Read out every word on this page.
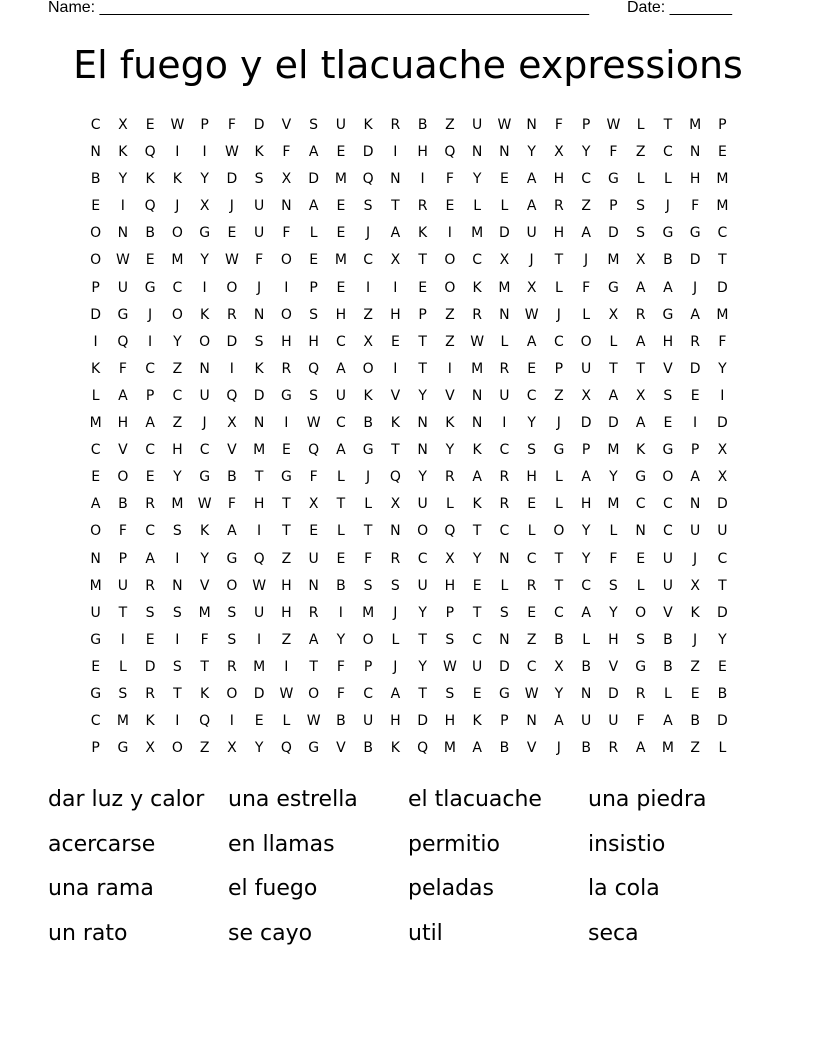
Name: _______________________________________________________

Date: _______

El fuego y el tlacuache expressions
C	X	E	W	P	F	D	V	S	U	K	R	B	Z	U	W	N	F	P	W	L	T	M	P
N	K	Q	I	I	W	K	F	A	E	D	I	H	Q	N	N	Y	X	Y	F	Z	C	N	E
B	Y	K	K	Y	D	S	X	D	M	Q	N	I	F	Y	E	A	H	C	G	L	L	H	M
E	I	Q	J	X	J	U	N	A	E	S	T	R	E	L	L	A	R	Z	P	S	J	F	M
O	N	B	O	G	E	U	F	L	E	J	A	K	I	M	D	U	H	A	D	S	G	G	C
O	W	E	M	Y	W	F	O	E	M	C	X	T	O	C	X	J	T	J	M	X	B	D	T
P	U	G	C	I	O	J	I	P	E	I	I	E	O	K	M	X	L	F	G	A	A	J	D
D	G	J	O	K	R	N	O	S	H	Z	H	P	Z	R	N	W	J	L	X	R	G	A	M
I	Q	I	Y	O	D	S	H	H	C	X	E	T	Z	W	L	A	C	O	L	A	H	R	F
K	F	C	Z	N	I	K	R	Q	A	O	I	T	I	M	R	E	P	U	T	T	V	D	Y
L	A	P	C	U	Q	D	G	S	U	K	V	Y	V	N	U	C	Z	X	A	X	S	E	I
M	H	A	Z	J	X	N	I	W	C	B	K	N	K	N	I	Y	J	D	D	A	E	I	D
C	V	C	H	C	V	M	E	Q	A	G	T	N	Y	K	C	S	G	P	M	K	G	P	X
E	O	E	Y	G	B	T	G	F	L	J	Q	Y	R	A	R	H	L	A	Y	G	O	A	X
A	B	R	M	W	F	H	T	X	T	L	X	U	L	K	R	E	L	H	M	C	C	N	D
O	F	C	S	K	A	I	T	E	L	T	N	O	Q	T	C	L	O	Y	L	N	C	U	U
N	P	A	I	Y	G	Q	Z	U	E	F	R	C	X	Y	N	C	T	Y	F	E	U	J	C
M	U	R	N	V	O	W	H	N	B	S	S	U	H	E	L	R	T	C	S	L	U	X	T
U	T	S	S	M	S	U	H	R	I	M	J	Y	P	T	S	E	C	A	Y	O	V	K	D
G	I	E	I	F	S	I	Z	A	Y	O	L	T	S	C	N	Z	B	L	H	S	B	J	Y
E	L	D	S	T	R	M	I	T	F	P	J	Y	W	U	D	C	X	B	V	G	B	Z	E
G	S	R	T	K	O	D	W	O	F	C	A	T	S	E	G	W	Y	N	D	R	L	E	B
C	M	K	I	Q	I	E	L	W	B	U	H	D	H	K	P	N	A	U	U	F	A	B	D
P	G	X	O	Z	X	Y	Q	G	V	B	K	Q	M	A	B	V	J	B	R	A	M	Z	L
dar luz y calor	una estrella	el tlacuache	una piedra
acercarse	en llamas	permitio	insistio
una rama	el fuego	peladas	la cola
un rato	se cayo	util	seca
